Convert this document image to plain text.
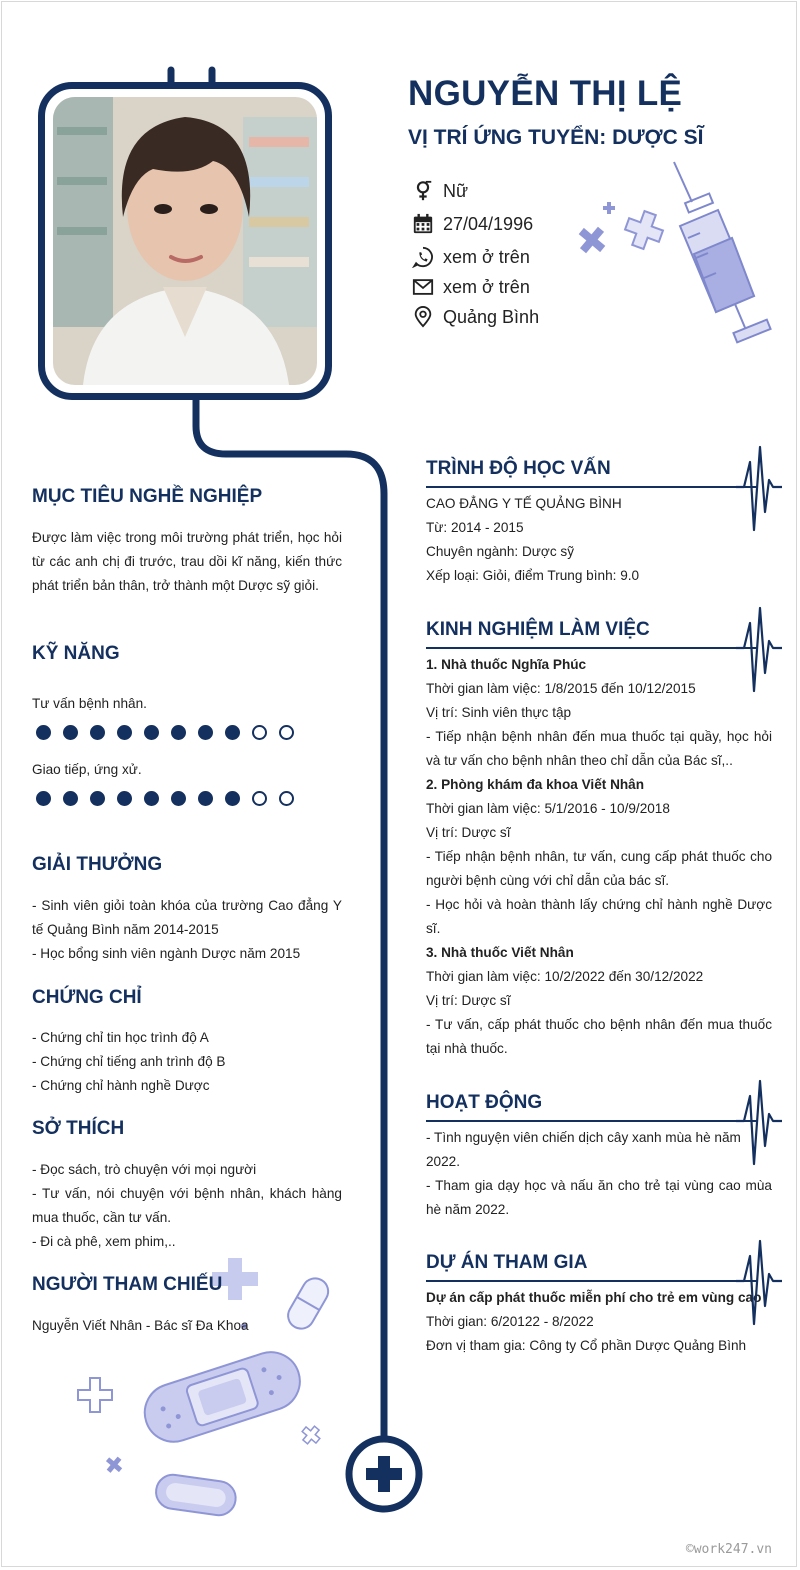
NGUYỄN THỊ LỆ
VỊ TRÍ ỨNG TUYỂN: DƯỢC SĨ
Nữ
27/04/1996
xem ở trên
xem ở trên
Quảng Bình
MỤC TIÊU NGHỀ NGHIỆP
Được làm việc trong môi trường phát triển, học hỏi từ các anh chị đi trước, trau dồi kĩ năng, kiến thức phát triển bản thân, trở thành một Dược sỹ giỏi.
KỸ NĂNG
Tư vấn bệnh nhân.
Giao tiếp, ứng xử.
GIẢI THƯỞNG
- Sinh viên giỏi toàn khóa của trường Cao đẳng Y tế Quảng Bình năm 2014-2015
- Học bổng sinh viên ngành Dược năm 2015
CHỨNG CHỈ
- Chứng chỉ tin học trình độ A
- Chứng chỉ tiếng anh trình độ B
- Chứng chỉ hành nghề Dược
SỞ THÍCH
- Đọc sách, trò chuyện với mọi người
- Tư vấn, nói chuyện với bệnh nhân, khách hàng mua thuốc, cần tư vấn.
- Đi cà phê, xem phim,..
NGƯỜI THAM CHIẾU
Nguyễn Viết Nhân - Bác sĩ Đa Khoa
TRÌNH ĐỘ HỌC VẤN

CAO ĐẲNG Y TẾ QUẢNG BÌNH

Từ: 2014 - 2015

Chuyên ngành: Dược sỹ

Xếp loại: Giỏi, điểm Trung bình: 9.0

KINH NGHIỆM LÀM VIỆC

1. Nhà thuốc Nghĩa Phúc

Thời gian làm việc: 1/8/2015 đến 10/12/2015

Vị trí: Sinh viên thực tập

- Tiếp nhận bệnh nhân đến mua thuốc tại quầy, học hỏi và tư vấn cho bệnh nhân theo chỉ dẫn của Bác sĩ,..

2. Phòng khám đa khoa Viết Nhân

Thời gian làm việc: 5/1/2016 - 10/9/2018

Vị trí: Dược sĩ

- Tiếp nhận bệnh nhân, tư vấn, cung cấp phát thuốc cho người bệnh cùng với chỉ dẫn của bác sĩ.

- Học hỏi và hoàn thành lấy chứng chỉ hành nghề Dược sĩ.

3. Nhà thuốc Viết Nhân

Thời gian làm việc: 10/2/2022 đến 30/12/2022

Vị trí: Dược sĩ

- Tư vấn, cấp phát thuốc cho bệnh nhân đến mua thuốc tại nhà thuốc.

HOẠT ĐỘNG

- Tình nguyện viên chiến dịch cây xanh mùa hè năm 2022.

- Tham gia dạy học và nấu ăn cho trẻ tại vùng cao mùa hè năm 2022.

DỰ ÁN THAM GIA

Dự án cấp phát thuốc miễn phí cho trẻ em vùng cao

Thời gian: 6/20122 - 8/2022

Đơn vị tham gia: Công ty Cổ phần Dược Quảng Bình

©work247.vn
